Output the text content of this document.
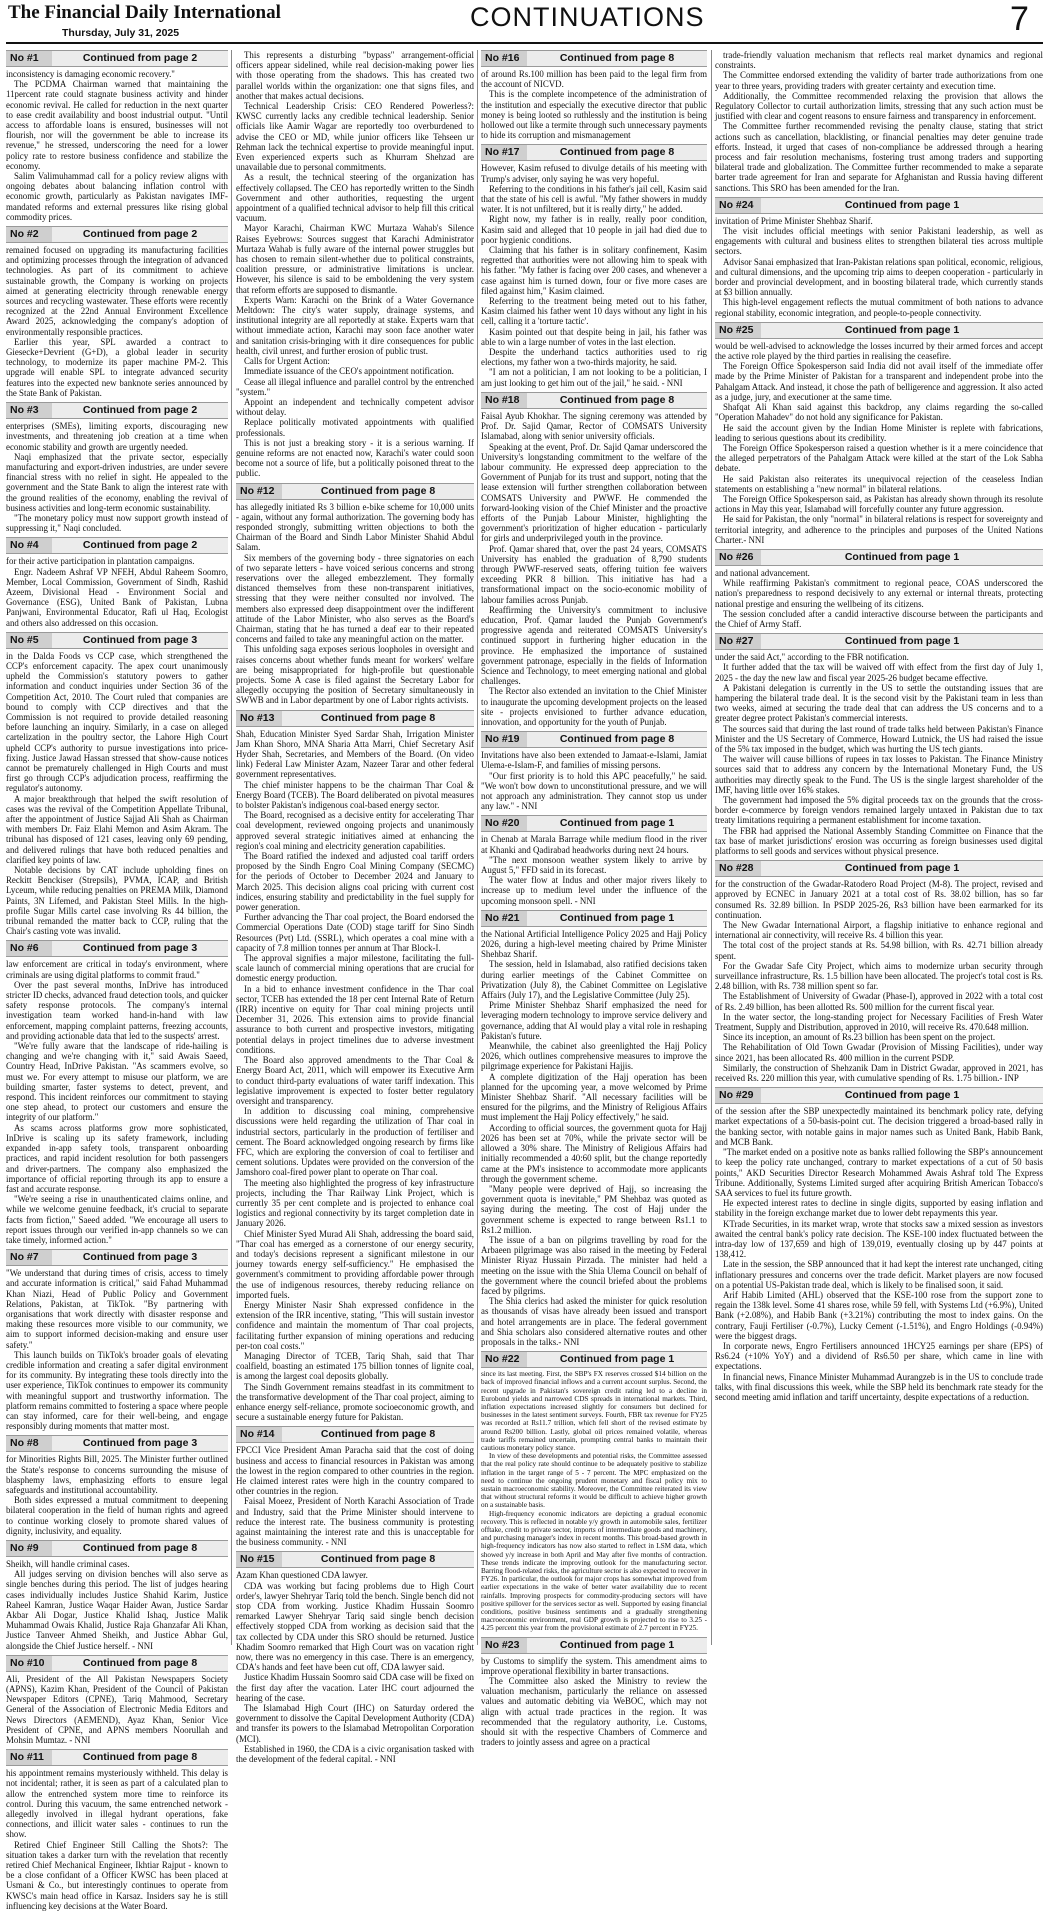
The Financial Daily International
Thursday, July 31, 2025
CONTINUATIONS	7
No #1	Continued from page 2

inconsistency is damaging economic recovery."

The PCDMA Chairman warned that maintaining the 11percent rate could stagnate business activity and hinder economic revival. He called for reduction in the next quarter to ease credit availability and boost industrial output. "Until access to affordable loans is ensured, businesses will not flourish, nor will the government be able to increase its revenue," he stressed, underscoring the need for a lower policy rate to restore business confidence and stabilize the economy.

Salim Valimuhammad call for a policy review aligns with ongoing debates about balancing inflation control with economic growth, particularly as Pakistan navigates IMF-mandated reforms and external pressures like rising global commodity prices.

No #2	Continued from page 2

remained focused on upgrading its manufacturing facilities and optimizing processes through the integration of advanced technologies. As part of its commitment to achieve sustainable growth, the Company is working on projects aimed at generating electricity through renewable energy sources and recycling wastewater. These efforts were recently recognized at the 22nd Annual Environment Excellence Award 2025, acknowledging the company's adoption of environmentally responsible practices.

Earlier this year, SPL awarded a contract to Giesecke+Devrient (G+D), a global leader in security technology, to modernize its paper machine PM-2. This upgrade will enable SPL to integrate advanced security features into the expected new banknote series announced by the State Bank of Pakistan.

No #3	Continued from page 2

enterprises (SMEs), limiting exports, discouraging new investments, and threatening job creation at a time when economic stability and growth are urgently needed.

Naqi emphasized that the private sector, especially manufacturing and export-driven industries, are under severe financial stress with no relief in sight. He appealed to the government and the State Bank to align the interest rate with the ground realities of the economy, enabling the revival of business activities and long-term economic sustainability.

"The monetary policy must now support growth instead of suppressing it," Naqi concluded.

No #4	Continued from page 2

for their active participation in plantation campaigns.

Engr. Nadeem Ashraf VP NFEH, Abdul Raheem Soomro, Member, Local Commission, Government of Sindh, Rashid Azeem, Divisional Head - Environment Social and Governance (ESG), United Bank of Pakistan, Lubna Panjwani, Environmental Educator, Rafi ul Haq, Ecologist and others also addressed on this occasion.

No #5	Continued from page 3

in the Dalda Foods vs CCP case, which strengthened the CCP's enforcement capacity. The apex court unanimously upheld the Commission's statutory powers to gather information and conduct inquiries under Section 36 of the Competition Act, 2010. The Court ruled that companies are bound to comply with CCP directives and that the Commission is not required to provide detailed reasoning before launching an inquiry. Similarly, in a case on alleged cartelization in the poultry sector, the Lahore High Court upheld CCP's authority to pursue investigations into price-fixing. Justice Jawad Hassan stressed that show-cause notices cannot be prematurely challenged in High Courts and must first go through CCP's adjudication process, reaffirming the regulator's autonomy.

A major breakthrough that helped the swift resolution of cases was the revival of the Competition Appellate Tribunal, after the appointment of Justice Sajjad Ali Shah as Chairman with members Dr. Faiz Elahi Memon and Asim Akram. The tribunal has disposed of 121 cases, leaving only 69 pending, and delivered rulings that have both reduced penalties and clarified key points of law.

Notable decisions by CAT include upholding fines on Reckitt Benckiser (Strepsils), PVMA, ICAP, and British Lyceum, while reducing penalties on PREMA Milk, Diamond Paints, 3N Lifemed, and Pakistan Steel Mills. In the high-profile Sugar Mills cartel case involving Rs 44 billion, the tribunal remanded the matter back to CCP, ruling that the Chair's casting vote was invalid.

No #6	Continued from page 3

law enforcement are critical in today's environment, where criminals are using digital platforms to commit fraud."

Over the past several months, InDrive has introduced stricter ID checks, advanced fraud detection tools, and quicker safety response protocols. The company's internal investigation team worked hand-in-hand with law enforcement, mapping complaint patterns, freezing accounts, and providing actionable data that led to the suspects' arrest.

"We're fully aware that the landscape of ride-hailing is changing and we're changing with it," said Awais Saeed, Country Head, InDrive Pakistan. "As scammers evolve, so must we. For every attempt to misuse our platform, we are building smarter, faster systems to detect, prevent, and respond. This incident reinforces our commitment to staying one step ahead, to protect our customers and ensure the integrity of our platform."

As scams across platforms grow more sophisticated, InDrive is scaling up its safety framework, including expanded in-app safety tools, transparent onboarding practices, and rapid incident resolution for both passengers and driver-partners. The company also emphasized the importance of official reporting through its app to ensure a fast and accurate response.

"We're seeing a rise in unauthenticated claims online, and while we welcome genuine feedback, it's crucial to separate facts from fiction," Saeed added. "We encourage all users to report issues through our verified in-app channels so we can take timely, informed action."

No #7	Continued from page 3

"We understand that during times of crisis, access to timely and accurate information is critical," said Fahad Muhammad Khan Niazi, Head of Public Policy and Government Relations, Pakistan, at TikTok. "By partnering with organisations that work directly with disaster response and making these resources more visible to our community, we aim to support informed decision-making and ensure user safety."

This launch builds on TikTok's broader goals of elevating credible information and creating a safer digital environment for its community. By integrating these tools directly into the user experience, TikTok continues to empower its community with meaningful support and trustworthy information. The platform remains committed to fostering a space where people can stay informed, care for their well-being, and engage responsibly during moments that matter most.

No #8	Continued from page 3

for Minorities Rights Bill, 2025. The Minister further outlined the State's response to concerns surrounding the misuse of blasphemy laws, emphasizing efforts to ensure legal safeguards and institutional accountability.

Both sides expressed a mutual commitment to deepening bilateral cooperation in the field of human rights and agreed to continue working closely to promote shared values of dignity, inclusivity, and equality.

No #9	Continued from page 8

Sheikh, will handle criminal cases.

All judges serving on division benches will also serve as single benches during this period. The list of judges hearing cases individually includes Justice Shahid Karim, Justice Raheel Kamran, Justice Waqar Haider Awan, Justice Sardar Akbar Ali Dogar, Justice Khalid Ishaq, Justice Malik Muhammad Owais Khalid, Justice Raja Ghanzafar Ali Khan, Justice Tanveer Ahmed Sheikh, and Justice Abhar Gul, alongside the Chief Justice herself. - NNI

No #10	Continued from page 8

Ali, President of the All Pakistan Newspapers Society (APNS), Kazim Khan, President of the Council of Pakistan Newspaper Editors (CPNE), Tariq Mahmood, Secretary General of the Association of Electronic Media Editors and News Directors (AEMEND), Ayaz Khan, Senior Vice President of CPNE, and APNS members Noorullah and Mohsin Mumtaz. - NNI

No #11	Continued from page 8

his appointment remains mysteriously withheld. This delay is not incidental; rather, it is seen as part of a calculated plan to allow the entrenched system more time to reinforce its control. During this vacuum, the same entrenched network - allegedly involved in illegal hydrant operations, fake connections, and illicit water sales - continues to run the show.

Retired Chief Engineer Still Calling the Shots?: The situation takes a darker turn with the revelation that recently retired Chief Mechanical Engineer, Ikhtiar Rajput - known to be a close confidant of a Officer KWSC has been placed at Usmani & Co., but interestingly continues to operate from KWSC's main head office in Karsaz. Insiders say he is still influencing key decisions at the Water Board.

This represents a disturbing "bypass" arrangement-official officers appear sidelined, while real decision-making power lies with those operating from the shadows. This has created two parallel worlds within the organization: one that signs files, and another that makes actual decisions.

Technical Leadership Crisis: CEO Rendered Powerless?: KWSC currently lacks any credible technical leadership. Senior officials like Aamir Wagar are reportedly too overburdened to advise the CEO or MD, while junior officers like Tehseen ur Rehman lack the technical expertise to provide meaningful input. Even experienced experts such as Khurram Shehzad are unavailable due to personal commitments.

As a result, the technical steering of the organization has effectively collapsed. The CEO has reportedly written to the Sindh Government and other authorities, requesting the urgent appointment of a qualified technical advisor to help fill this critical vacuum.

Mayor Karachi, Chairman KWC Murtaza Wahab's Silence Raises Eyebrows: Sources suggest that Karachi Administrator Murtaza Wahab is fully aware of the internal power struggles but has chosen to remain silent-whether due to political constraints, coalition pressure, or administrative limitations is unclear. However, his silence is said to be emboldening the very system that reform efforts are supposed to dismantle.

Experts Warn: Karachi on the Brink of a Water Governance Meltdown: The city's water supply, drainage systems, and institutional integrity are all reportedly at stake. Experts warn that without immediate action, Karachi may soon face another water and sanitation crisis-bringing with it dire consequences for public health, civil unrest, and further erosion of public trust.

Calls for Urgent Action:

Immediate issuance of the CEO's appointment notification.

Cease all illegal influence and parallel control by the entrenched "system."

Appoint an independent and technically competent advisor without delay.

Replace politically motivated appointments with qualified professionals.

This is not just a breaking story - it is a serious warning. If genuine reforms are not enacted now, Karachi's water could soon become not a source of life, but a politically poisoned threat to the public.

No #12	Continued from page 8

has allegedly initiated Rs 3 billion e-bike scheme for 10,000 units - again, without any formal authorization. The governing body has responded strongly, submitting written objections to both the Chairman of the Board and Sindh Labor Minister Shahid Abdul Salam.

Six members of the governing body - three signatories on each of two separate letters - have voiced serious concerns and strong reservations over the alleged embezzlement. They formally distanced themselves from these non-transparent initiatives, stressing that they were neither consulted nor involved. The members also expressed deep disappointment over the indifferent attitude of the Labor Minister, who also serves as the Board's Chairman, stating that he has turned a deaf ear to their repeated concerns and failed to take any meaningful action on the matter.

This unfolding saga exposes serious loopholes in oversight and raises concerns about whether funds meant for workers' welfare are being misappropriated for high-profile but questionable projects. Some A case is filed against the Secretary Labor for allegedly occupying the position of Secretary simultaneously in SWWB and in Labor department by one of Labor rights activists.

No #13	Continued from page 8

Shah, Education Minister Syed Sardar Shah, Irrigation Minister Jam Khan Shoro, MNA Sharia Atta Marri, Chief Secretary Asif Hyder Shah, Secretaries, and Members of the Board. (On video link) Federal Law Minister Azam, Nazeer Tarar and other federal government representatives.

The chief minister happens to be the chairman Thar Coal & Energy Board (TCEB). The Board deliberated on pivotal measures to bolster Pakistan's indigenous coal-based energy sector.

The Board, recognised as a decisive entity for accelerating Thar coal development, reviewed ongoing projects and unanimously approved several strategic initiatives aimed at enhancing the region's coal mining and electricity generation capabilities.

The Board ratified the indexed and adjusted coal tariff orders proposed by the Sindh Engro Coal Mining Company (SECMC) for the periods of October to December 2024 and January to March 2025. This decision aligns coal pricing with current cost indices, ensuring stability and predictability in the fuel supply for power generation.

Further advancing the Thar coal project, the Board endorsed the Commercial Operations Date (COD) stage tariff for Sino Sindh Resources (Pvt) Ltd. (SSRL), which operates a coal mine with a capacity of 7.8 million tonnes per annum at Thar Block-I.

The approval signifies a major milestone, facilitating the full-scale launch of commercial mining operations that are crucial for domestic energy production.

In a bid to enhance investment confidence in the Thar coal sector, TCEB has extended the 18 per cent Internal Rate of Return (IRR) incentive on equity for Thar coal mining projects until December 31, 2026. This extension aims to provide financial assurance to both current and prospective investors, mitigating potential delays in project timelines due to adverse investment conditions.

The Board also approved amendments to the Thar Coal & Energy Board Act, 2011, which will empower its Executive Arm to conduct third-party evaluations of water tariff indexation. This legislative improvement is expected to foster better regulatory oversight and transparency.

In addition to discussing coal mining, comprehensive discussions were held regarding the utilization of Thar coal in industrial sectors, particularly in the production of fertiliser and cement. The Board acknowledged ongoing research by firms like FFC, which are exploring the conversion of coal to fertiliser and cement solutions. Updates were provided on the conversion of the Jamshoro coal-fired power plant to operate on Thar coal.

The meeting also highlighted the progress of key infrastructure projects, including the Thar Railway Link Project, which is currently 35 per cent complete and is projected to enhance coal logistics and regional connectivity by its target completion date in January 2026.

Chief Minister Syed Murad Ali Shah, addressing the board said, "Thar coal has emerged as a cornerstone of our energy security, and today's decisions represent a significant milestone in our journey towards energy self-sufficiency." He emphasised the government's commitment to providing affordable power through the use of indigenous resources, thereby reducing reliance on imported fuels.

Energy Minister Nasir Shah expressed confidence in the extension of the IRR incentive, stating, "This will sustain investor confidence and maintain the momentum of Thar coal projects, facilitating further expansion of mining operations and reducing per-ton coal costs."

Managing Director of TCEB, Tariq Shah, said that Thar coalfield, boasting an estimated 175 billion tonnes of lignite coal, is among the largest coal deposits globally.

The Sindh Government remains steadfast in its commitment to the transformative development of the Thar coal project, aiming to enhance energy self-reliance, promote socioeconomic growth, and secure a sustainable energy future for Pakistan.

No #14	Continued from page 8

FPCCI Vice President Aman Paracha said that the cost of doing business and access to financial resources in Pakistan was among the lowest in the region compared to other countries in the region. He claimed interest rates were high in the country compared to other countries in the region.

Faisal Moeez, President of North Karachi Association of Trade and Industry, said that the Prime Minister should intervene to reduce the interest rate. The business community is protesting against maintaining the interest rate and this is unacceptable for the business community. - NNI

No #15	Continued from page 8

Azam Khan questioned CDA lawyer.

CDA was working but facing problems due to High Court order's, lawyer Shehryar Tariq told the bench. Single bench did not stop CDA from working. Justice Khadim Hussain Soomro remarked Lawyer Shehryar Tariq said single bench decision effectively stopped CDA from working as decision said that the tax collected by CDA under this SRO should be returned. Justice Khadim Soomro remarked that High Court was on vacation right now, there was no emergency in this case. There is an emergency, CDA's hands and feet have been cut off, CDA lawyer said.

Justice Khadim Hussain Soomro said CDA case will be fixed on the first day after the vacation. Later IHC court adjourned the hearing of the case.

The Islamabad High Court (IHC) on Saturday ordered the government to dissolve the Capital Development Authority (CDA) and transfer its powers to the Islamabad Metropolitan Corporation (MCI).

Established in 1960, the CDA is a civic organisation tasked with the development of the federal capital. - NNI

No #16	Continued from page 8

of around Rs.100 million has been paid to the legal firm from the account of NICVD.

This is the complete incompetence of the administration of the institution and especially the executive director that public money is being looted so ruthlessly and the institution is being hollowed out like a termite through such unnecessary payments to hide its corruption and mismanagement

No #17	Continued from page 8

However, Kasim refused to divulge details of his meeting with Trump's adviser, only saying he was very hopeful.

Referring to the conditions in his father's jail cell, Kasim said that the state of his cell is awful. "My father showers in muddy water. It is not unfiltered, but it is really dirty," he added.

Right now, my father is in really, really poor condition, Kasim said and alleged that 10 people in jail had died due to poor hygienic conditions.

Claiming that his father is in solitary confinement, Kasim regretted that authorities were not allowing him to speak with his father. "My father is facing over 200 cases, and whenever a case against him is turned down, four or five more cases are filed against him," Kasim claimed.

Referring to the treatment being meted out to his father, Kasim claimed his father went 10 days without any light in his cell, calling it a 'torture tactic'.

Kasim pointed out that despite being in jail, his father was able to win a large number of votes in the last election.

Despite the underhand tactics authorities used to rig elections, my father won a two-thirds majority, he said.

"I am not a politician, I am not looking to be a politician, I am just looking to get him out of the jail," he said. - NNI

No #18	Continued from page 8

Faisal Ayub Khokhar. The signing ceremony was attended by Prof. Dr. Sajid Qamar, Rector of COMSATS University Islamabad, along with senior university officials.

Speaking at the event, Prof. Dr. Sajid Qamar underscored the University's longstanding commitment to the welfare of the labour community. He expressed deep appreciation to the Government of Punjab for its trust and support, noting that the lease extension will further strengthen collaboration between COMSATS University and PWWF. He commended the forward-looking vision of the Chief Minister and the proactive efforts of the Punjab Labour Minister, highlighting the government's prioritization of higher education - particularly for girls and underprivileged youth in the province.

Prof. Qamar shared that, over the past 24 years, COMSATS University has enabled the graduation of 8,790 students through PWWF-reserved seats, offering tuition fee waivers exceeding PKR 8 billion. This initiative has had a transformational impact on the socio-economic mobility of labour families across Punjab.

Reaffirming the University's commitment to inclusive education, Prof. Qamar lauded the Punjab Government's progressive agenda and reiterated COMSATS University's continued support in furthering higher education in the province. He emphasized the importance of sustained government patronage, especially in the fields of Information Science and Technology, to meet emerging national and global challenges.

The Rector also extended an invitation to the Chief Minister to inaugurate the upcoming development projects on the leased site - projects envisioned to further advance education, innovation, and opportunity for the youth of Punjab.

No #19	Continued from page 8

Invitations have also been extended to Jamaat-e-Islami, Jamiat Ulema-e-Islam-F, and families of missing persons.

"Our first priority is to hold this APC peacefully," he said. "We won't bow down to unconstitutional pressure, and we will not approach any administration. They cannot stop us under any law." - NNI

No #20	Continued from page 1

in Chenab at Marala Barrage while medium flood in the river at Khanki and Qadirabad headworks during next 24 hours.

"The next monsoon weather system likely to arrive by August 5," FFD said in its forecast.

The water flow at Indus and other major rivers likely to increase up to medium level under the influence of the upcoming monsoon spell. - NNI

No #21	Continued from page 1

the National Artificial Intelligence Policy 2025 and Hajj Policy 2026, during a high-level meeting chaired by Prime Minister Shehbaz Sharif.

The session, held in Islamabad, also ratified decisions taken during earlier meetings of the Cabinet Committee on Privatization (July 8), the Cabinet Committee on Legislative Affairs (July 17), and the Legislative Committee (July 25).

Prime Minister Shehbaz Sharif emphasized the need for leveraging modern technology to improve service delivery and governance, adding that AI would play a vital role in reshaping Pakistan's future.

Meanwhile, the cabinet also greenlighted the Hajj Policy 2026, which outlines comprehensive measures to improve the pilgrimage experience for Pakistani Hajjis.

A complete digitization of the Hajj operation has been planned for the upcoming year, a move welcomed by Prime Minister Shehbaz Sharif. "All necessary facilities will be ensured for the pilgrims, and the Ministry of Religious Affairs must implement the Hajj Policy effectively," he said.

According to official sources, the government quota for Hajj 2026 has been set at 70%, while the private sector will be allowed a 30% share. The Ministry of Religious Affairs had initially recommended a 40:60 split, but the change reportedly came at the PM's insistence to accommodate more applicants through the government scheme.

"Many people were deprived of Hajj, so increasing the government quota is inevitable," PM Shehbaz was quoted as saying during the meeting. The cost of Hajj under the government scheme is expected to range between Rs1.1 to Rs1.2 million.

The issue of a ban on pilgrims travelling by road for the Arbaeen pilgrimage was also raised in the meeting by Federal Minister Riyaz Hussain Pirzada. The minister had held a meeting on the issue with the Shia Ulema Council on behalf of the government where the council briefed about the problems faced by pilgrims.

The Shia clerics had asked the minister for quick resolution as thousands of visas have already been issued and transport and hotel arrangements are in place. The federal government and Shia scholars also considered alternative routes and other proposals in the talks.- NNI

No #22	Continued from page 1

since its last meeting. First, the SBP's FX reserves crossed $14 billion on the back of improved financial inflows and a current account surplus. Second, the recent upgrade in Pakistan's sovereign credit rating led to a decline in Eurobond yields and narrowed CDS spreads in international markets. Third, inflation expectations increased slightly for consumers but declined for businesses in the latest sentiment surveys. Fourth, FBR tax revenue for FY25 was recorded at Rs11.7 trillion, which fell short of the revised estimate by around Rs200 billion. Lastly, global oil prices remained volatile, whereas trade tariffs remained uncertain, prompting central banks to maintain their cautious monetary policy stance.

In view of these developments and potential risks, the Committee assessed that the real policy rate should continue to be adequately positive to stabilize inflation in the target range of 5 - 7 percent. The MPC emphasized on the need to continue the ongoing prudent monetary and fiscal policy mix to sustain macroeconomic stability. Moreover, the Committee reiterated its view that without structural reforms it would be difficult to achieve higher growth on a sustainable basis.

High-frequency economic indicators are depicting a gradual economic recovery. This is reflected in notable y/y growth in automobile sales, fertilizer offtake, credit to private sector, imports of intermediate goods and machinery, and purchasing manager's index in recent months. This broad-based growth in high-frequency indicators has now also started to reflect in LSM data, which showed y/y increase in both April and May after five months of contraction. These trends indicate the improving outlook for the manufacturing sector. Barring flood-related risks, the agriculture sector is also expected to recover in FY26. In particular, the outlook for major crops has somewhat improved from earlier expectations in the wake of better water availability due to recent rainfalls. Improving prospects for commodity-producing sectors will have positive spillover for the services sector as well. Supported by easing financial conditions, positive business sentiments and a gradually strengthening macroeconomic environment, real GDP growth is projected to rise to 3.25 - 4.25 percent this year from the provisional estimate of 2.7 percent in FY25.

No #23	Continued from page 1

by Customs to simplify the system. This amendment aims to improve operational flexibility in barter transactions.

The Committee also asked the Ministry to review the valuation mechanism, particularly the reliance on assessed values and automatic debiting via WeBOC, which may not align with actual trade practices in the region. It was recommended that the regulatory authority, i.e. Customs, should sit with the respective Chambers of Commerce and traders to jointly assess and agree on a practical

trade-friendly valuation mechanism that reflects real market dynamics and regional constraints.

The Committee endorsed extending the validity of barter trade authorizations from one year to three years, providing traders with greater certainty and execution time.

Additionally, the Committee recommended relaxing the provision that allows the Regulatory Collector to curtail authorization limits, stressing that any such action must be justified with clear and cogent reasons to ensure fairness and transparency in enforcement.

The Committee further recommended revising the penalty clause, stating that strict actions such as cancellation, blacklisting, or financial penalties may deter genuine trade efforts. Instead, it urged that cases of non-compliance be addressed through a hearing process and fair resolution mechanisms, fostering trust among traders and supporting bilateral trade and globalization. The Committee further recommended to make a separate barter trade agreement for Iran and separate for Afghanistan and Russia having different sanctions. This SRO has been amended for the Iran.

No #24	Continued from page 1

invitation of Prime Minister Shehbaz Sharif.

The visit includes official meetings with senior Pakistani leadership, as well as engagements with cultural and business elites to strengthen bilateral ties across multiple sectors.

Advisor Sanai emphasized that Iran-Pakistan relations span political, economic, religious, and cultural dimensions, and the upcoming trip aims to deepen cooperation - particularly in border and provincial development, and in boosting bilateral trade, which currently stands at $3 billion annually.

This high-level engagement reflects the mutual commitment of both nations to advance regional stability, economic integration, and people-to-people connectivity.

No #25	Continued from page 1

would be well-advised to acknowledge the losses incurred by their armed forces and accept the active role played by the third parties in realising the ceasefire.

The Foreign Office Spokesperson said India did not avail itself of the immediate offer made by the Prime Minister of Pakistan for a transparent and independent probe into the Pahalgam Attack. And instead, it chose the path of belligerence and aggression. It also acted as a judge, jury, and executioner at the same time.

Shafqat Ali Khan said against this backdrop, any claims regarding the so-called "Operation Mahadev" do not hold any significance for Pakistan.

He said the account given by the Indian Home Minister is replete with fabrications, leading to serious questions about its credibility.

The Foreign Office Spokesperson raised a question whether is it a mere coincidence that the alleged perpetrators of the Pahalgam Attack were killed at the start of the Lok Sabha debate.

He said Pakistan also reiterates its unequivocal rejection of the ceaseless Indian statements on establishing a "new normal" in bilateral relations.

The Foreign Office Spokesperson said, as Pakistan has already shown through its resolute actions in May this year, Islamabad will forcefully counter any future aggression.

He said for Pakistan, the only "normal" in bilateral relations is respect for sovereignty and territorial integrity, and adherence to the principles and purposes of the United Nations Charter.- NNI

No #26	Continued from page 1

and national advancement.

While reaffirming Pakistan's commitment to regional peace, COAS underscored the nation's preparedness to respond decisively to any external or internal threats, protecting national prestige and ensuring the wellbeing of its citizens.

The session concluded after a candid interactive discourse between the participants and the Chief of Army Staff.

No #27	Continued from page 1

under the said Act," according to the FBR notification.

It further added that the tax will be waived off with effect from the first day of July 1, 2025 - the day the new law and fiscal year 2025-26 budget became effective.

A Pakistani delegation is currently in the US to settle the outstanding issues that are hampering the bilateral trade deal. It is the second visit by the Pakistani team in less than two weeks, aimed at securing the trade deal that can address the US concerns and to a greater degree protect Pakistan's commercial interests.

The sources said that during the last round of trade talks held between Pakistan's Finance Minister and the US Secretary of Commerce, Howard Lutnick, the US had raised the issue of the 5% tax imposed in the budget, which was hurting the US tech giants.

The waiver will cause billions of rupees in tax losses to Pakistan. The Finance Ministry sources said that to address any concern by the International Monetary Fund, the US authorities may directly speak to the Fund. The US is the single largest shareholder of the IMF, having little over 16% stakes.

The government had imposed the 5% digital proceeds tax on the grounds that the cross-border e-commerce by foreign vendors remained largely untaxed in Pakistan due to tax treaty limitations requiring a permanent establishment for income taxation.

The FBR had apprised the National Assembly Standing Committee on Finance that the tax base of market jurisdictions' erosion was occurring as foreign businesses used digital platforms to sell goods and services without physical presence.

No #28	Continued from page 1

for the construction of the Gwadar-Ratodero Road Project (M-8). The project, revised and approved by ECNEC in January 2021 at a total cost of Rs. 38.02 billion, has so far consumed Rs. 32.89 billion. In PSDP 2025-26, Rs3 billion have been earmarked for its continuation.

The New Gwadar International Airport, a flagship initiative to enhance regional and international air connectivity, will receive Rs. 4 billion this year.

The total cost of the project stands at Rs. 54.98 billion, with Rs. 42.71 billion already spent.

For the Gwadar Safe City Project, which aims to modernize urban security through surveillance infrastructure, Rs. 1.5 billion have been allocated. The project's total cost is Rs. 2.48 billion, with Rs. 738 million spent so far.

The Establishment of University of Gwadar (Phase-I), approved in 2022 with a total cost of Rs. 2.49 billion, has been allotted Rs. 500 million for the current fiscal year.

In the water sector, the long-standing project for Necessary Facilities of Fresh Water Treatment, Supply and Distribution, approved in 2010, will receive Rs. 470.648 million.

Since its inception, an amount of Rs.23 billion has been spent on the project.

The Rehabilitation of Old Town Gwadar (Provision of Missing Facilities), under way since 2021, has been allocated Rs. 400 million in the current PSDP.

Similarly, the construction of Shehzanik Dam in District Gwadar, approved in 2021, has received Rs. 220 million this year, with cumulative spending of Rs. 1.75 billion.- INP

No #29	Continued from page 1

of the session after the SBP unexpectedly maintained its benchmark policy rate, defying market expectations of a 50-basis-point cut. The decision triggered a broad-based rally in the banking sector, with notable gains in major names such as United Bank, Habib Bank, and MCB Bank.

"The market ended on a positive note as banks rallied following the SBP's announcement to keep the policy rate unchanged, contrary to market expectations of a cut of 50 basis points," AKD Securities Director Research Mohammed Awais Ashraf told The Express Tribune. Additionally, Systems Limited surged after acquiring British American Tobacco's SAA services to fuel its future growth.

He expected interest rates to decline in single digits, supported by easing inflation and stability in the foreign exchange market due to lower debt repayments this year.

KTrade Securities, in its market wrap, wrote that stocks saw a mixed session as investors awaited the central bank's policy rate decision. The KSE-100 index fluctuated between the intra-day low of 137,659 and high of 139,019, eventually closing up by 447 points at 138,412.

Late in the session, the SBP announced that it had kept the interest rate unchanged, citing inflationary pressures and concerns over the trade deficit. Market players are now focused on a potential US-Pakistan trade deal, which is likely to be finalised soon, it said.

Arif Habib Limited (AHL) observed that the KSE-100 rose from the support zone to regain the 138k level. Some 41 shares rose, while 59 fell, with Systems Ltd (+6.9%), United Bank (+2.08%), and Habib Bank (+3.21%) contributing the most to index gains. On the contrary, Fauji Fertiliser (-0.7%), Lucky Cement (-1.51%), and Engro Holdings (-0.94%) were the biggest drags.

In corporate news, Engro Fertilisers announced 1HCY25 earnings per share (EPS) of Rs6.24 (+10% YoY) and a dividend of Rs6.50 per share, which came in line with expectations.

In financial news, Finance Minister Muhammad Aurangzeb is in the US to conclude trade talks, with final discussions this week, while the SBP held its benchmark rate steady for the second meeting amid inflation and tariff uncertainty, despite expectations of a reduction.
